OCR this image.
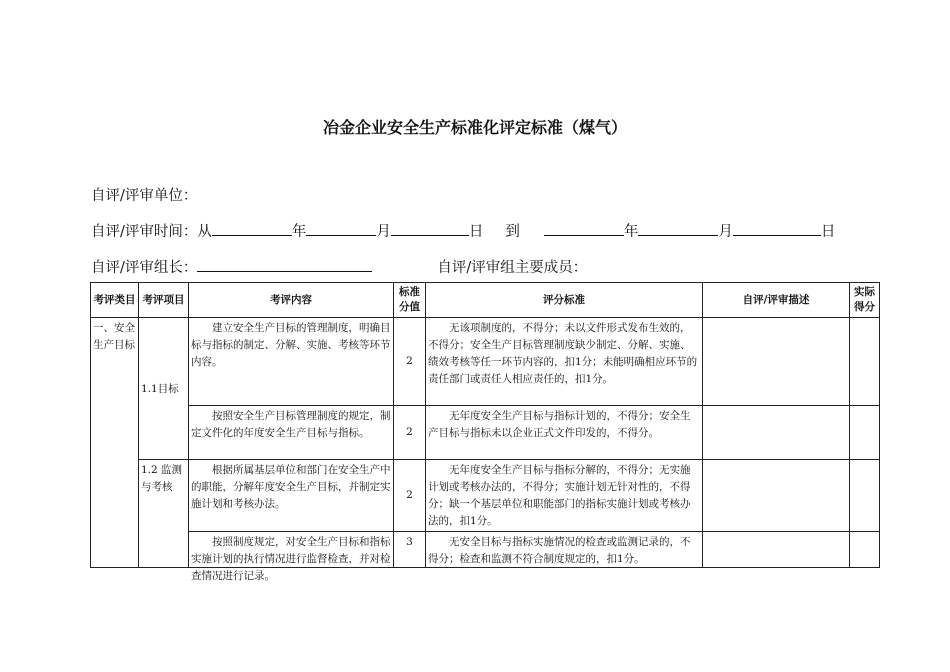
冶金企业安全生产标准化评定标准（煤气）
自评/评审单位：
自评/评审时间：从	年	月	日 到	年	月	日
自评/评审组长：	自评/评审组主要成员：
考评类目	考评项目	考评内容	标准分值	评分标准	自评/评审描述	实际得分

一、安全生产目标	1.1目标	建立安全生产目标的管理制度，明确目标与指标的制定、分解、实施、考核等环节内容。	2	无该项制度的，不得分；未以文件形式发布生效的，不得分；安全生产目标管理制度缺少制定、分解、实施、绩效考核等任一环节内容的，扣1分；未能明确相应环节的责任部门或责任人相应责任的，扣1分。		

		按照安全生产目标管理制度的规定，制定文件化的年度安全生产目标与指标。	2	无年度安全生产目标与指标计划的，不得分；安全生产目标与指标未以企业正式文件印发的，不得分。		

	1.2 监测与考核	根据所属基层单位和部门在安全生产中的职能，分解年度安全生产目标，并制定实施计划和考核办法。	2	无年度安全生产目标与指标分解的，不得分；无实施计划或考核办法的，不得分；实施计划无针对性的，不得分；缺一个基层单位和职能部门的指标实施计划或考核办法的，扣1分。		

		按照制度规定，对安全生产目标和指标实施计划的执行情况进行监督检查，并对检查情况进行记录。	3	无安全目标与指标实施情况的检查或监测记录的，不得分；检查和监测不符合制度规定的，扣1分。		
